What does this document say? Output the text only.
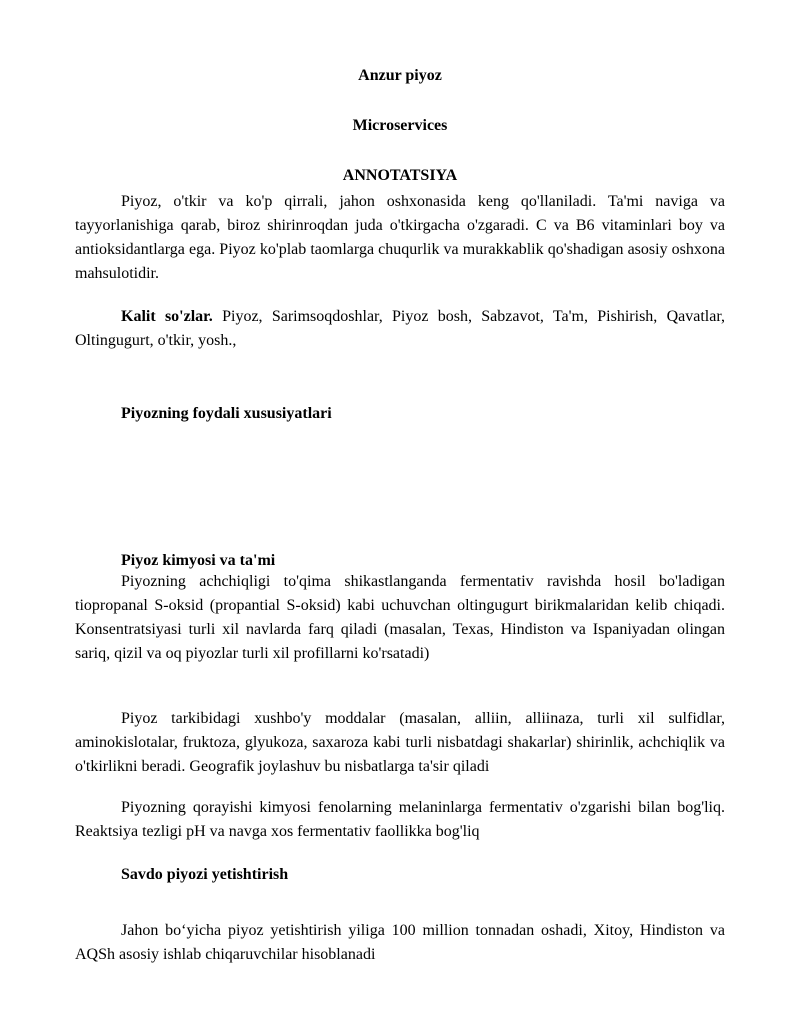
Anzur piyoz
Microservices
ANNOTATSIYA
Piyoz, o'tkir va ko'p qirrali, jahon oshxonasida keng qo'llaniladi. Ta'mi naviga va tayyorlanishiga qarab, biroz shirinroqdan juda o'tkirgacha o'zgaradi. C va B6 vitaminlari boy va antioksidantlarga ega. Piyoz ko'plab taomlarga chuqurlik va murakkablik qo'shadigan asosiy oshxona mahsulotidir.
Kalit so'zlar. Piyoz, Sarimsoqdoshlar, Piyoz bosh, Sabzavot, Ta'm, Pishirish, Qavatlar, Oltingugurt, o'tkir, yosh.,
Piyozning foydali xususiyatlari
Piyoz kimyosi va ta'mi
Piyozning achchiqligi to'qima shikastlanganda fermentativ ravishda hosil bo'ladigan tiopropanal S-oksid (propantial S-oksid) kabi uchuvchan oltingugurt birikmalaridan kelib chiqadi. Konsentratsiyasi turli xil navlarda farq qiladi (masalan, Texas, Hindiston va Ispaniyadan olingan sariq, qizil va oq piyozlar turli xil profillarni ko'rsatadi)
Piyoz tarkibidagi xushbo'y moddalar (masalan, alliin, alliinaza, turli xil sulfidlar, aminokislotalar, fruktoza, glyukoza, saxaroza kabi turli nisbatdagi shakarlar) shirinlik, achchiqlik va o'tkirlikni beradi. Geografik joylashuv bu nisbatlarga ta'sir qiladi
Piyozning qorayishi kimyosi fenolarning melaninlarga fermentativ o'zgarishi bilan bog'liq. Reaktsiya tezligi pH va navga xos fermentativ faollikka bog'liq
Savdo piyozi yetishtirish
Jahon bo‘yicha piyoz yetishtirish yiliga 100 million tonnadan oshadi, Xitoy, Hindiston va AQSh asosiy ishlab chiqaruvchilar hisoblanadi
